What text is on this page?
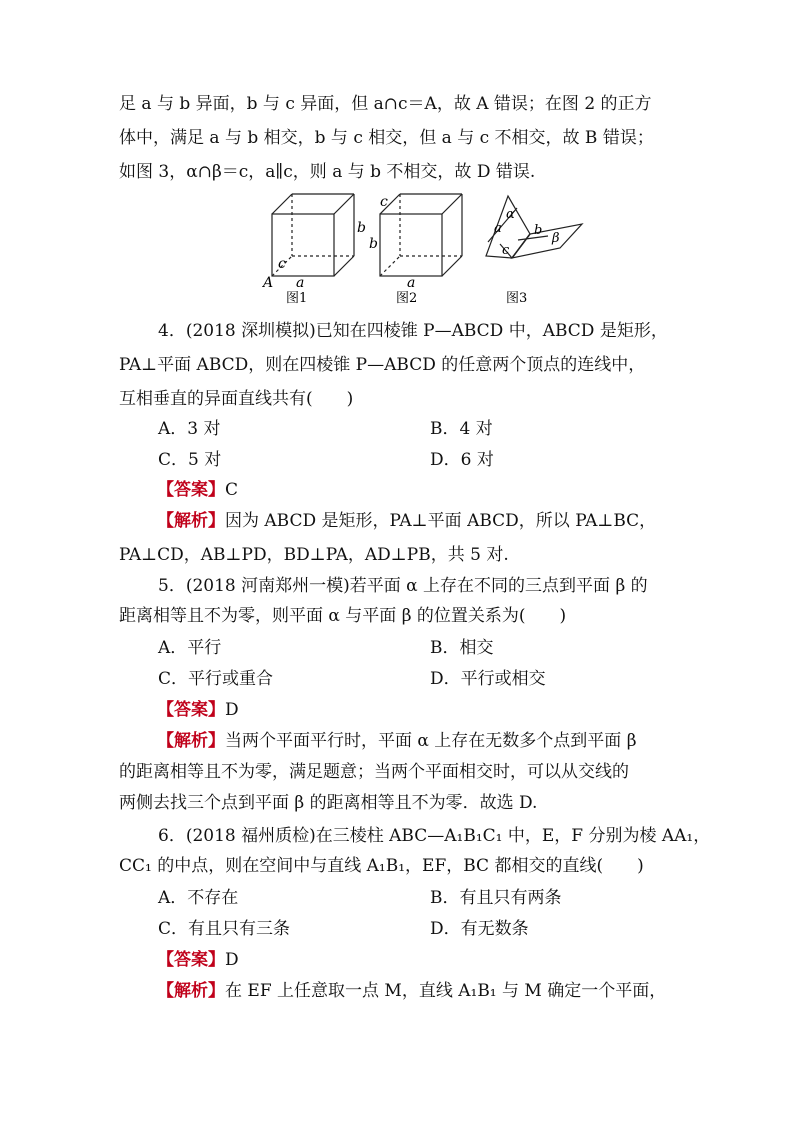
足 a 与 b 异面，b 与 c 异面，但 a∩c＝A，故 A 错误；在图 2 的正方
体中，满足 a 与 b 相交，b 与 c 相交，但 a 与 c 不相交，故 B 错误；
如图 3，α∩β＝c，a∥c，则 a 与 b 不相交，故 D 错误.
b
c
a
A
图1
c
b
a
图2
α
a
c
b
β
图3
4．(2018 深圳模拟)已知在四棱锥 P—ABCD 中，ABCD 是矩形，
PA⊥平面 ABCD，则在四棱锥 P—ABCD 的任意两个顶点的连线中，
互相垂直的异面直线共有(　　)
A．3 对	B．4 对
C．5 对	D．6 对
【答案】C
【解析】因为 ABCD 是矩形，PA⊥平面 ABCD，所以 PA⊥BC，
PA⊥CD，AB⊥PD，BD⊥PA，AD⊥PB，共 5 对.
5．(2018 河南郑州一模)若平面 α 上存在不同的三点到平面 β 的
距离相等且不为零，则平面 α 与平面 β 的位置关系为(　　)
A．平行	B．相交
C．平行或重合	D．平行或相交
【答案】D
【解析】当两个平面平行时，平面 α 上存在无数多个点到平面 β
的距离相等且不为零，满足题意；当两个平面相交时，可以从交线的
两侧去找三个点到平面 β 的距离相等且不为零．故选 D.
6．(2018 福州质检)在三棱柱 ABC—A₁B₁C₁ 中，E，F 分别为棱 AA₁，
CC₁ 的中点，则在空间中与直线 A₁B₁，EF，BC 都相交的直线(　　)
A．不存在	B．有且只有两条
C．有且只有三条	D．有无数条
【答案】D
【解析】在 EF 上任意取一点 M，直线 A₁B₁ 与 M 确定一个平面，
